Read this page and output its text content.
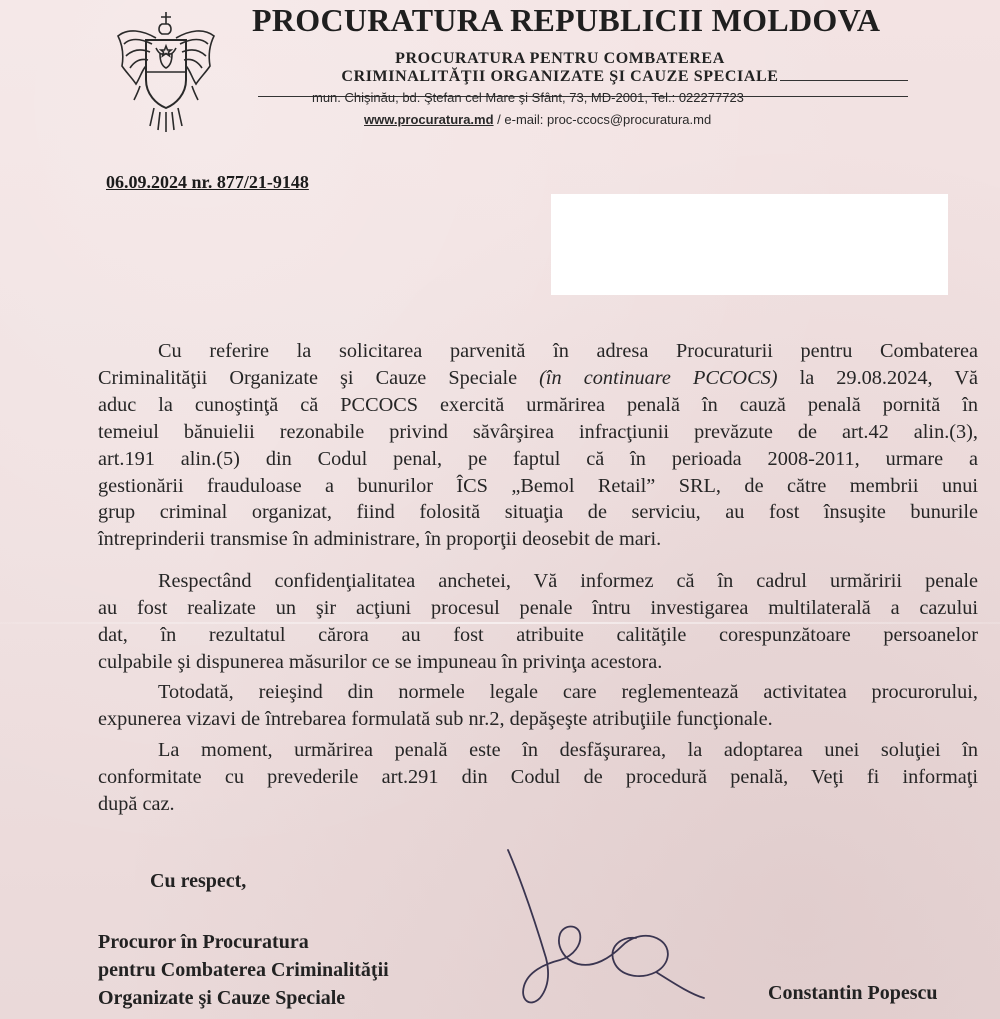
PROCURATURA REPUBLICII MOLDOVA
PROCURATURA PENTRU COMBATEREA
CRIMINALITĂŢII ORGANIZATE ŞI CAUZE SPECIALE
mun. Chişinău, bd. Ştefan cel Mare şi Sfânt, 73, MD-2001, Tel.: 022277723
www.procuratura.md / e-mail: proc-ccocs@procuratura.md
06.09.2024 nr. 877/21-9148
Cu referire la solicitarea parvenită în adresa Procuraturii pentru Combaterea
Criminalităţii Organizate şi Cauze Speciale (în continuare PCCOCS) la 29.08.2024, Vă
aduc la cunoştinţă că PCCOCS exercită urmărirea penală în cauză penală pornită în
temeiul bănuielii rezonabile privind săvârşirea infracţiunii prevăzute de art.42 alin.(3),
art.191 alin.(5) din Codul penal, pe faptul că în perioada 2008-2011, urmare a
gestionării frauduloase a bunurilor ÎCS „Bemol Retail” SRL, de către membrii unui
grup criminal organizat, fiind folosită situaţia de serviciu, au fost însuşite bunurile
întreprinderii transmise în administrare, în proporţii deosebit de mari.
Respectând confidenţialitatea anchetei, Vă informez că în cadrul urmăririi penale
au fost realizate un şir acţiuni procesul penale întru investigarea multilaterală a cazului
dat, în rezultatul cărora au fost atribuite calităţile corespunzătoare persoanelor
culpabile şi dispunerea măsurilor ce se impuneau în privinţa acestora.
Totodată, reieşind din normele legale care reglementează activitatea procurorului,
expunerea vizavi de întrebarea formulată sub nr.2, depăşeşte atribuţiile funcţionale.
La moment, urmărirea penală este în desfăşurarea, la adoptarea unei soluţiei în
conformitate cu prevederile art.291 din Codul de procedură penală, Veţi fi informaţi
după caz.
Cu respect,
Procuror în Procuratura
pentru Combaterea Criminalităţii
Organizate şi Cauze Speciale	Constantin Popescu
